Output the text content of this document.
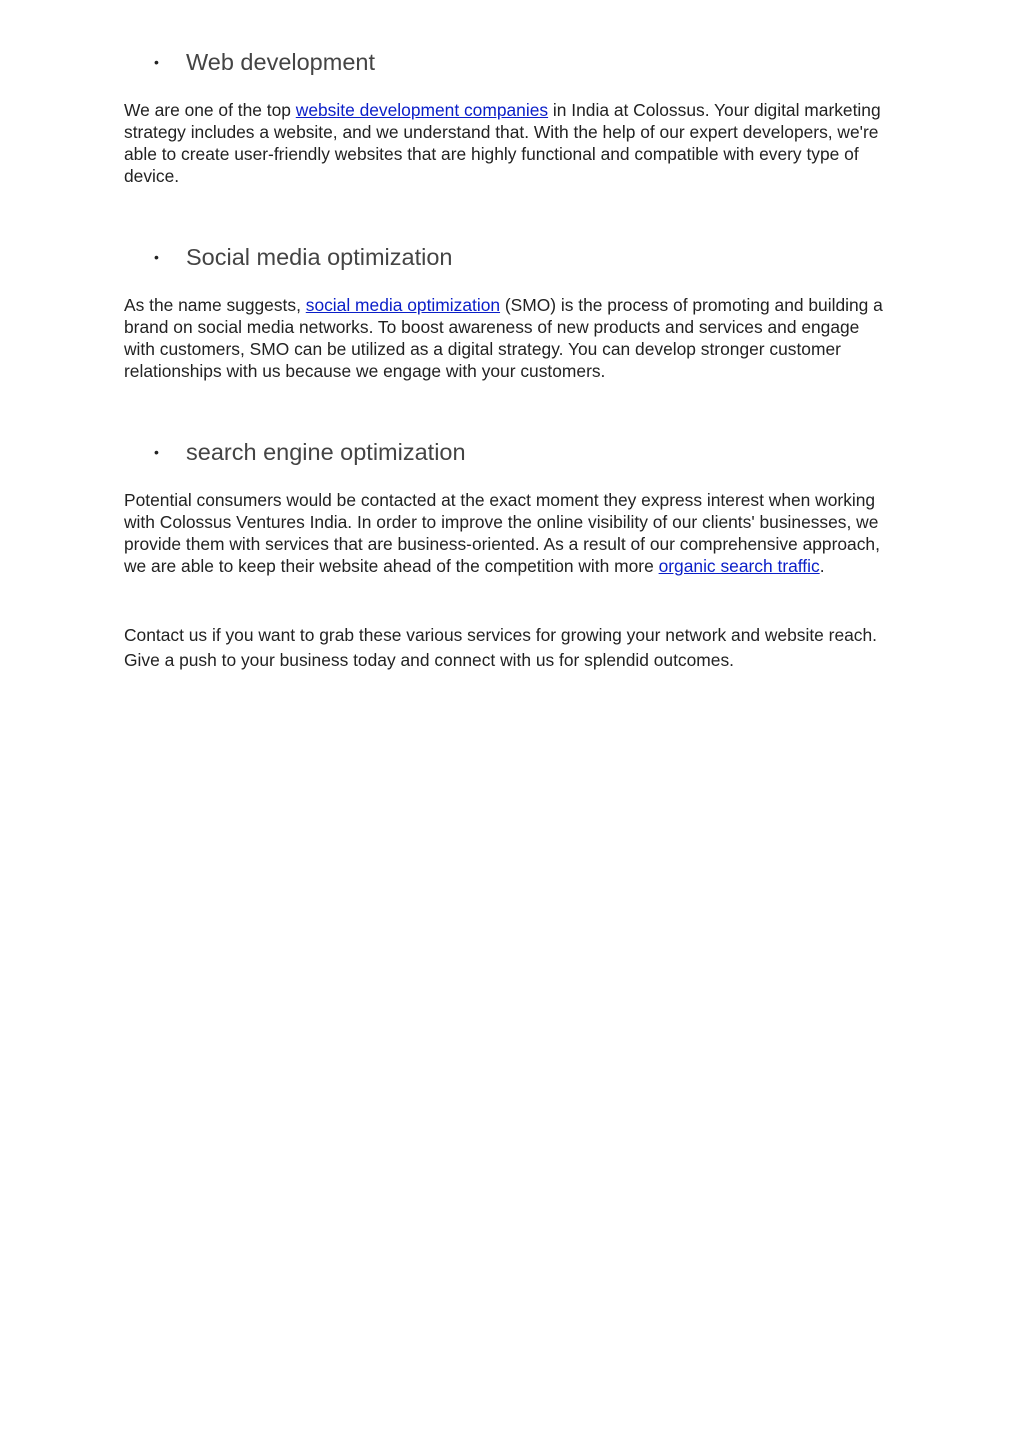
•	Web development

We are one of the top website development companies in India at Colossus. Your digital marketing strategy includes a website, and we understand that. With the help of our expert developers, we're able to create user-friendly websites that are highly functional and compatible with every type of device.

•	Social media optimization

As the name suggests, social media optimization (SMO) is the process of promoting and building a brand on social media networks. To boost awareness of new products and services and engage with customers, SMO can be utilized as a digital strategy. You can develop stronger customer relationships with us because we engage with your customers.

•	search engine optimization

Potential consumers would be contacted at the exact moment they express interest when working with Colossus Ventures India. In order to improve the online visibility of our clients' businesses, we provide them with services that are business-oriented. As a result of our comprehensive approach, we are able to keep their website ahead of the competition with more organic search traffic.

Contact us if you want to grab these various services for growing your network and website reach. Give a push to your business today and connect with us for splendid outcomes.
